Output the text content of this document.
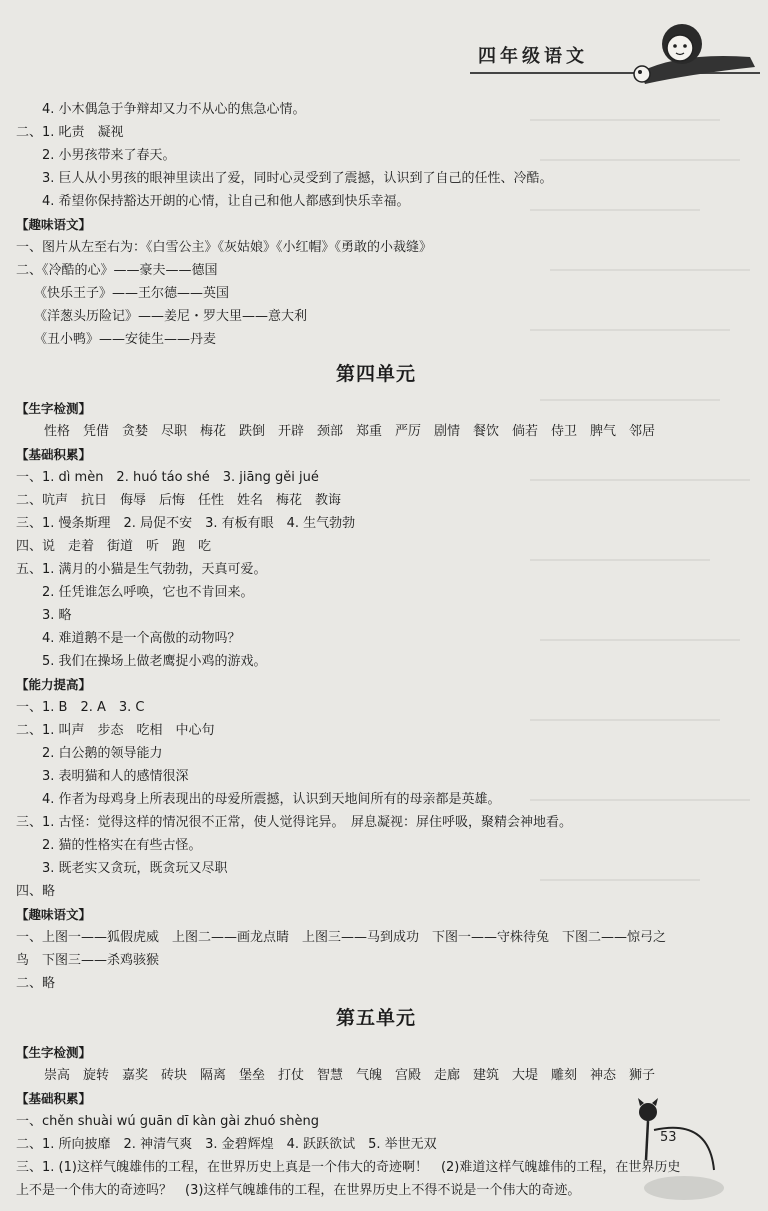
四年级语文
4. 小木偶急于争辩却又力不从心的焦急心情。
二、1. 叱责　凝视
2. 小男孩带来了春天。
3. 巨人从小男孩的眼神里读出了爱，同时心灵受到了震撼，认识到了自己的任性、冷酷。
4. 希望你保持豁达开朗的心情，让自己和他人都感到快乐幸福。
【趣味语文】
一、图片从左至右为：《白雪公主》《灰姑娘》《小红帽》《勇敢的小裁缝》
二、《冷酷的心》——豪夫——德国
《快乐王子》——王尔德——英国
《洋葱头历险记》——姜尼・罗大里——意大利
《丑小鸭》——安徒生——丹麦
第四单元
【生字检测】
性格　凭借　贪婪　尽职　梅花　跌倒　开辟　颈部　郑重　严厉　剧情　餐饮　倘若　侍卫　脾气　邻居
【基础积累】
一、1. dì mèn　2. huó táo shé　3. jiāng gěi jué
二、吭声　抗日　侮辱　后悔　任性　姓名　梅花　教诲
三、1. 慢条斯理　2. 局促不安　3. 有板有眼　4. 生气勃勃
四、说　走着　街道　听　跑　吃
五、1. 满月的小猫是生气勃勃，天真可爱。
2. 任凭谁怎么呼唤，它也不肯回来。
3. 略
4. 难道鹅不是一个高傲的动物吗？
5. 我们在操场上做老鹰捉小鸡的游戏。
【能力提高】
一、1. B　2. A　3. C
二、1. 叫声　步态　吃相　中心句
2. 白公鹅的领导能力
3. 表明猫和人的感情很深
4. 作者为母鸡身上所表现出的母爱所震撼，认识到天地间所有的母亲都是英雄。
三、1. 古怪：觉得这样的情况很不正常，使人觉得诧异。　屏息凝视：屏住呼吸，聚精会神地看。
2. 猫的性格实在有些古怪。
3. 既老实又贪玩，既贪玩又尽职
四、略
【趣味语文】
一、上图一——狐假虎威　上图二——画龙点睛　上图三——马到成功　下图一——守株待兔　下图二——惊弓之
鸟　下图三——杀鸡骇猴
二、略
第五单元
【生字检测】
崇高　旋转　嘉奖　砖块　隔离　堡垒　打仗　智慧　气魄　宫殿　走廊　建筑　大堤　雕刻　神态　狮子
【基础积累】
一、chěn shuài wú guān dī kàn gài zhuó shèng
二、1. 所向披靡　2. 神清气爽　3. 金碧辉煌　4. 跃跃欲试　5. 举世无双
三、1. (1)这样气魄雄伟的工程，在世界历史上真是一个伟大的奇迹啊！　(2)难道这样气魄雄伟的工程，在世界历史
上不是一个伟大的奇迹吗？　(3)这样气魄雄伟的工程，在世界历史上不得不说是一个伟大的奇迹。
53
